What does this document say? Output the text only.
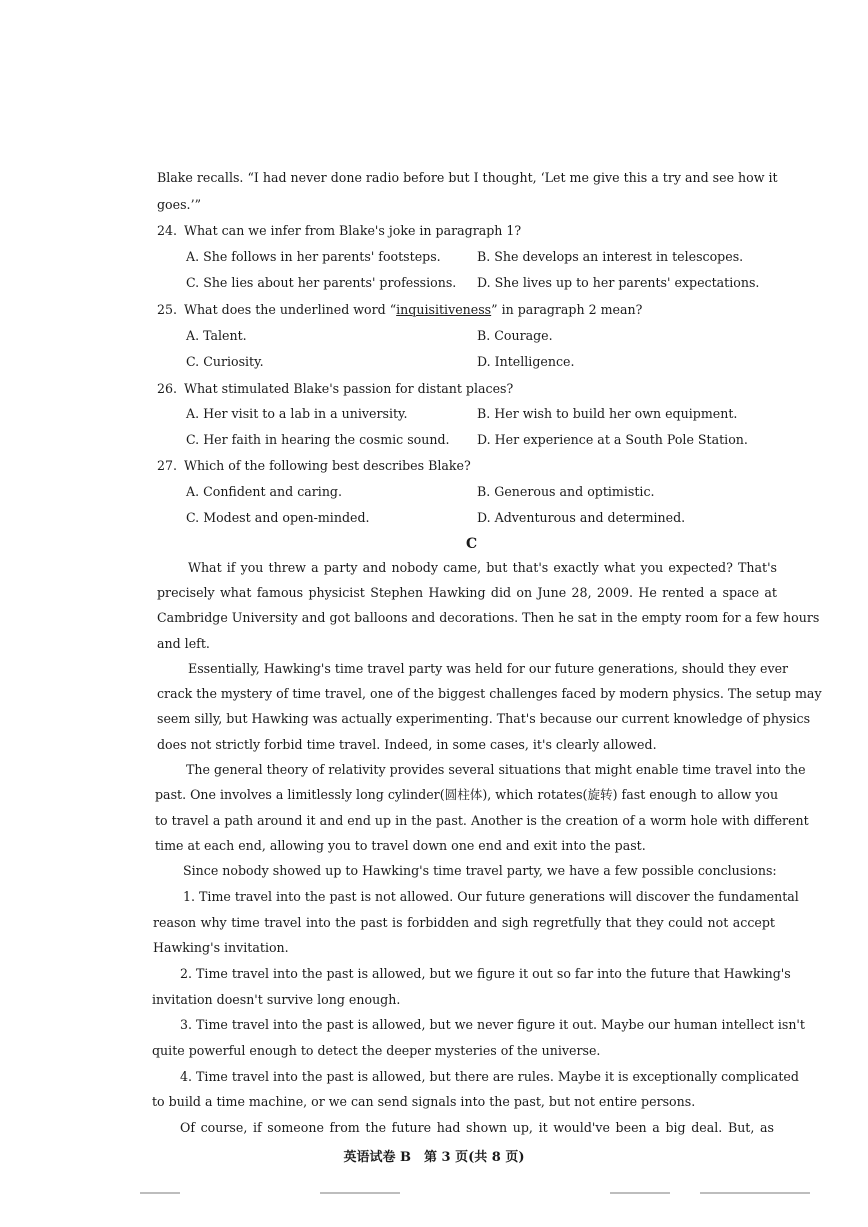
Blake recalls. “I had never done radio before but I thought, ‘Let me give this a try and see how it
goes.’”
24. What can we infer from Blake's joke in paragraph 1?
A. She follows in her parents' footsteps.	B. She develops an interest in telescopes.
C. She lies about her parents' professions. D. She lives up to her parents' expectations.
25. What does the underlined word “inquisitiveness” in paragraph 2 mean?
A. Talent.	B. Courage.
C. Curiosity.	D. Intelligence.
26. What stimulated Blake's passion for distant places?
A. Her visit to a lab in a university.	B. Her wish to build her own equipment.
C. Her faith in hearing the cosmic sound. D. Her experience at a South Pole Station.
27. Which of the following best describes Blake?
A. Confident and caring.	B. Generous and optimistic.
C. Modest and open-minded.	D. Adventurous and determined.
C
What if you threw a party and nobody came, but that's exactly what you expected? That's
precisely what famous physicist Stephen Hawking did on June 28, 2009. He rented a space at
Cambridge University and got balloons and decorations. Then he sat in the empty room for a few hours
and left.
Essentially, Hawking's time travel party was held for our future generations, should they ever
crack the mystery of time travel, one of the biggest challenges faced by modern physics. The setup may
seem silly, but Hawking was actually experimenting. That's because our current knowledge of physics
does not strictly forbid time travel. Indeed, in some cases, it's clearly allowed.
The general theory of relativity provides several situations that might enable time travel into the
past. One involves a limitlessly long cylinder(圆柱体), which rotates(旋转) fast enough to allow you
to travel a path around it and end up in the past. Another is the creation of a worm hole with different
time at each end, allowing you to travel down one end and exit into the past.
Since nobody showed up to Hawking's time travel party, we have a few possible conclusions:
1. Time travel into the past is not allowed. Our future generations will discover the fundamental
reason why time travel into the past is forbidden and sigh regretfully that they could not accept
Hawking's invitation.
2. Time travel into the past is allowed, but we figure it out so far into the future that Hawking's
invitation doesn't survive long enough.
3. Time travel into the past is allowed, but we never figure it out. Maybe our human intellect isn't
quite powerful enough to detect the deeper mysteries of the universe.
4. Time travel into the past is allowed, but there are rules. Maybe it is exceptionally complicated
to build a time machine, or we can send signals into the past, but not entire persons.
Of course, if someone from the future had shown up, it would've been a big deal. But, as
英语试卷 B　第 3 页(共 8 页)
